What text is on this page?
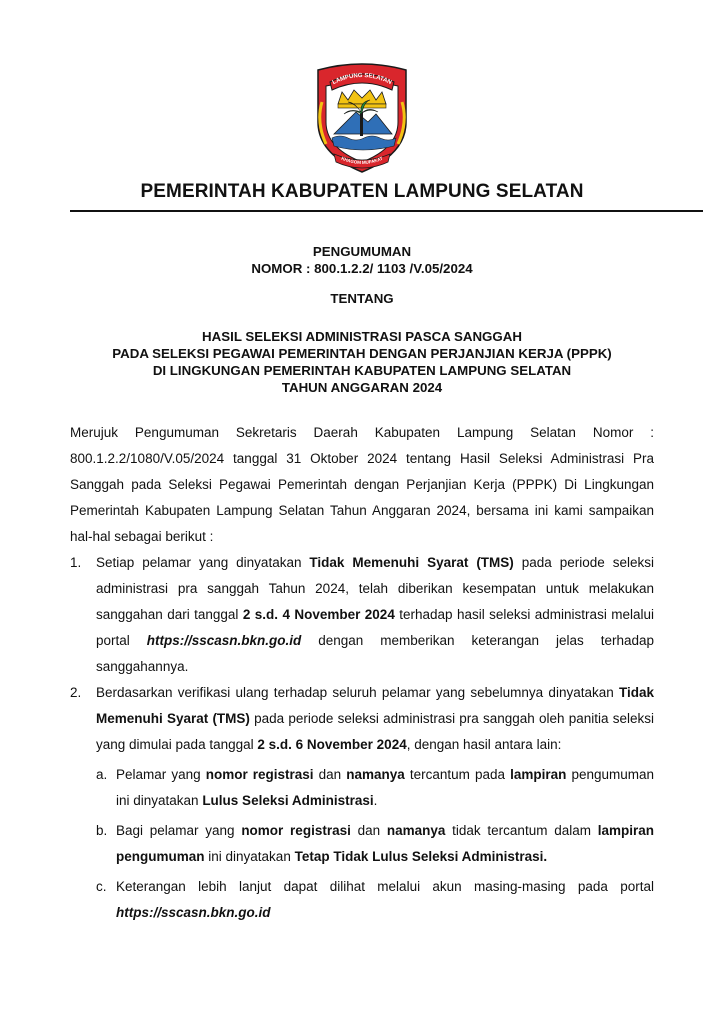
LAMPUNG SELATAN
KHAGOM MUFAKAT
PEMERINTAH KABUPATEN LAMPUNG SELATAN
PENGUMUMAN
NOMOR : 800.1.2.2/ 1103 /V.05/2024
TENTANG
HASIL SELEKSI ADMINISTRASI PASCA SANGGAH
PADA SELEKSI PEGAWAI PEMERINTAH DENGAN PERJANJIAN KERJA (PPPK)
DI LINGKUNGAN PEMERINTAH KABUPATEN LAMPUNG SELATAN
TAHUN ANGGARAN 2024

Merujuk Pengumuman Sekretaris Daerah Kabupaten Lampung Selatan Nomor : 800.1.2.2/1080/V.05/2024 tanggal 31 Oktober 2024 tentang Hasil Seleksi Administrasi Pra Sanggah pada Seleksi Pegawai Pemerintah dengan Perjanjian Kerja (PPPK) Di Lingkungan Pemerintah Kabupaten Lampung Selatan Tahun Anggaran 2024, bersama ini kami sampaikan hal-hal sebagai berikut :

1. Setiap pelamar yang dinyatakan Tidak Memenuhi Syarat (TMS) pada periode seleksi administrasi pra sanggah Tahun 2024, telah diberikan kesempatan untuk melakukan sanggahan dari tanggal 2 s.d. 4 November 2024 terhadap hasil seleksi administrasi melalui portal https://sscasn.bkn.go.id dengan memberikan keterangan jelas terhadap sanggahannya.
2. Berdasarkan verifikasi ulang terhadap seluruh pelamar yang sebelumnya dinyatakan Tidak Memenuhi Syarat (TMS) pada periode seleksi administrasi pra sanggah oleh panitia seleksi yang dimulai pada tanggal 2 s.d. 6 November 2024, dengan hasil antara lain:
a. Pelamar yang nomor registrasi dan namanya tercantum pada lampiran pengumuman ini dinyatakan Lulus Seleksi Administrasi.
b. Bagi pelamar yang nomor registrasi dan namanya tidak tercantum dalam lampiran pengumuman ini dinyatakan Tetap Tidak Lulus Seleksi Administrasi.
c. Keterangan lebih lanjut dapat dilihat melalui akun masing-masing pada portal https://sscasn.bkn.go.id
